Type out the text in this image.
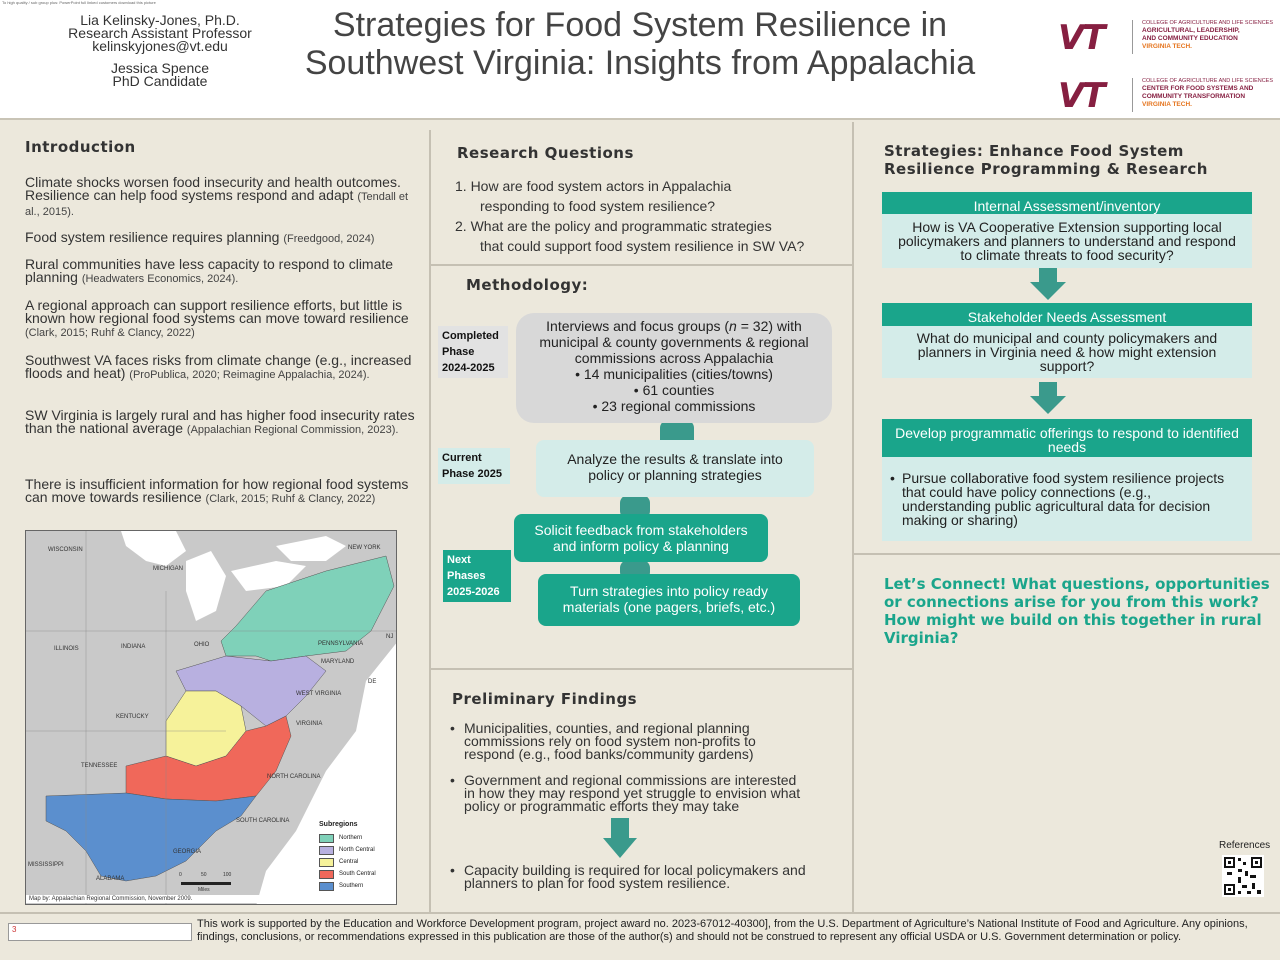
To high quality / sub group plus: PowerPoint full linked customers download this picture
Lia Kelinsky-Jones, Ph.D.
Research Assistant Professor
kelinskyjones@vt.edu
Jessica Spence
PhD Candidate
Strategies for Food System Resilience in
Southwest Virginia: Insights from Appalachia
VT	COLLEGE OF AGRICULTURE AND LIFE SCIENCES
AGRICULTURAL, LEADERSHIP,
AND COMMUNITY EDUCATION
VIRGINIA TECH.
VT	COLLEGE OF AGRICULTURE AND LIFE SCIENCES
CENTER FOR FOOD SYSTEMS AND
COMMUNITY TRANSFORMATION
VIRGINIA TECH.
Introduction
Climate shocks worsen food insecurity and health outcomes. Resilience can help food systems respond and adapt (Tendall et al., 2015).
Food system resilience requires planning (Freedgood, 2024)
Rural communities have less capacity to respond to climate planning (Headwaters Economics, 2024).
A regional approach can support resilience efforts, but little is known how regional food systems can move toward resilience (Clark, 2015; Ruhf & Clancy, 2022)
Southwest VA faces risks from climate change (e.g., increased floods and heat) (ProPublica, 2020; Reimagine Appalachia, 2024).
SW Virginia is largely rural and has higher food insecurity rates than the national average (Appalachian Regional Commission, 2023).
There is insufficient information for how regional food systems can move towards resilience (Clark, 2015; Ruhf & Clancy, 2022)
WISCONSIN
MICHIGAN
NEW YORK
ILLINOIS	INDIANA	OHIO	PENNSYLVANIA
NJ
MARYLAND
DE
WEST VIRGINIA
VIRGINIA
KENTUCKY
TENNESSEE
NORTH CAROLINA
SOUTH CAROLINA
GEORGIA
ALABAMA
MISSISSIPPI
Subregions
Northern
North Central
Central
South Central
Southern
0	50	100
Miles
Map by: Appalachian Regional Commission, November 2009.
Research Questions
1. How are food system actors in Appalachia
responding to food system resilience?
2. What are the policy and programmatic strategies
that could support food system resilience in SW VA?
Methodology:
Completed
Phase
2024-2025
Current
Phase 2025
Next
Phases
2025-2026
Interviews and focus groups (n = 32) with
municipal & county governments & regional
commissions across Appalachia
• 14 municipalities (cities/towns)
• 61 counties
• 23 regional commissions
Analyze the results & translate into policy or planning strategies
Solicit feedback from stakeholders and inform policy & planning
Turn strategies into policy ready materials (one pagers, briefs, etc.)
Preliminary Findings
• Municipalities, counties, and regional planning commissions rely on food system non-profits to respond (e.g., food banks/community gardens)
• Government and regional commissions are interested in how they may respond yet struggle to envision what policy or programmatic efforts they may take
• Capacity building is required for local policymakers and planners to plan for food system resilience.
Strategies: Enhance Food System
Resilience Programming & Research
Internal Assessment/inventory
How is VA Cooperative Extension supporting local policymakers and planners to understand and respond to climate threats to food security?
Stakeholder Needs Assessment
What do municipal and county policymakers and planners in Virginia need & how might extension support?
Develop programmatic offerings to respond to identified needs
• Pursue collaborative food system resilience projects that could have policy connections (e.g., understanding public agricultural data for decision making or sharing)
Let’s Connect! What questions, opportunities or connections arise for you from this work? How might we build on this together in rural Virginia?
References
3	This work is supported by the Education and Workforce Development program, project award no. 2023-67012-40300], from the U.S. Department of Agriculture’s National Institute of Food and Agriculture. Any opinions, findings, conclusions, or recommendations expressed in this publication are those of the author(s) and should not be construed to represent any official USDA or U.S. Government determination or policy.
